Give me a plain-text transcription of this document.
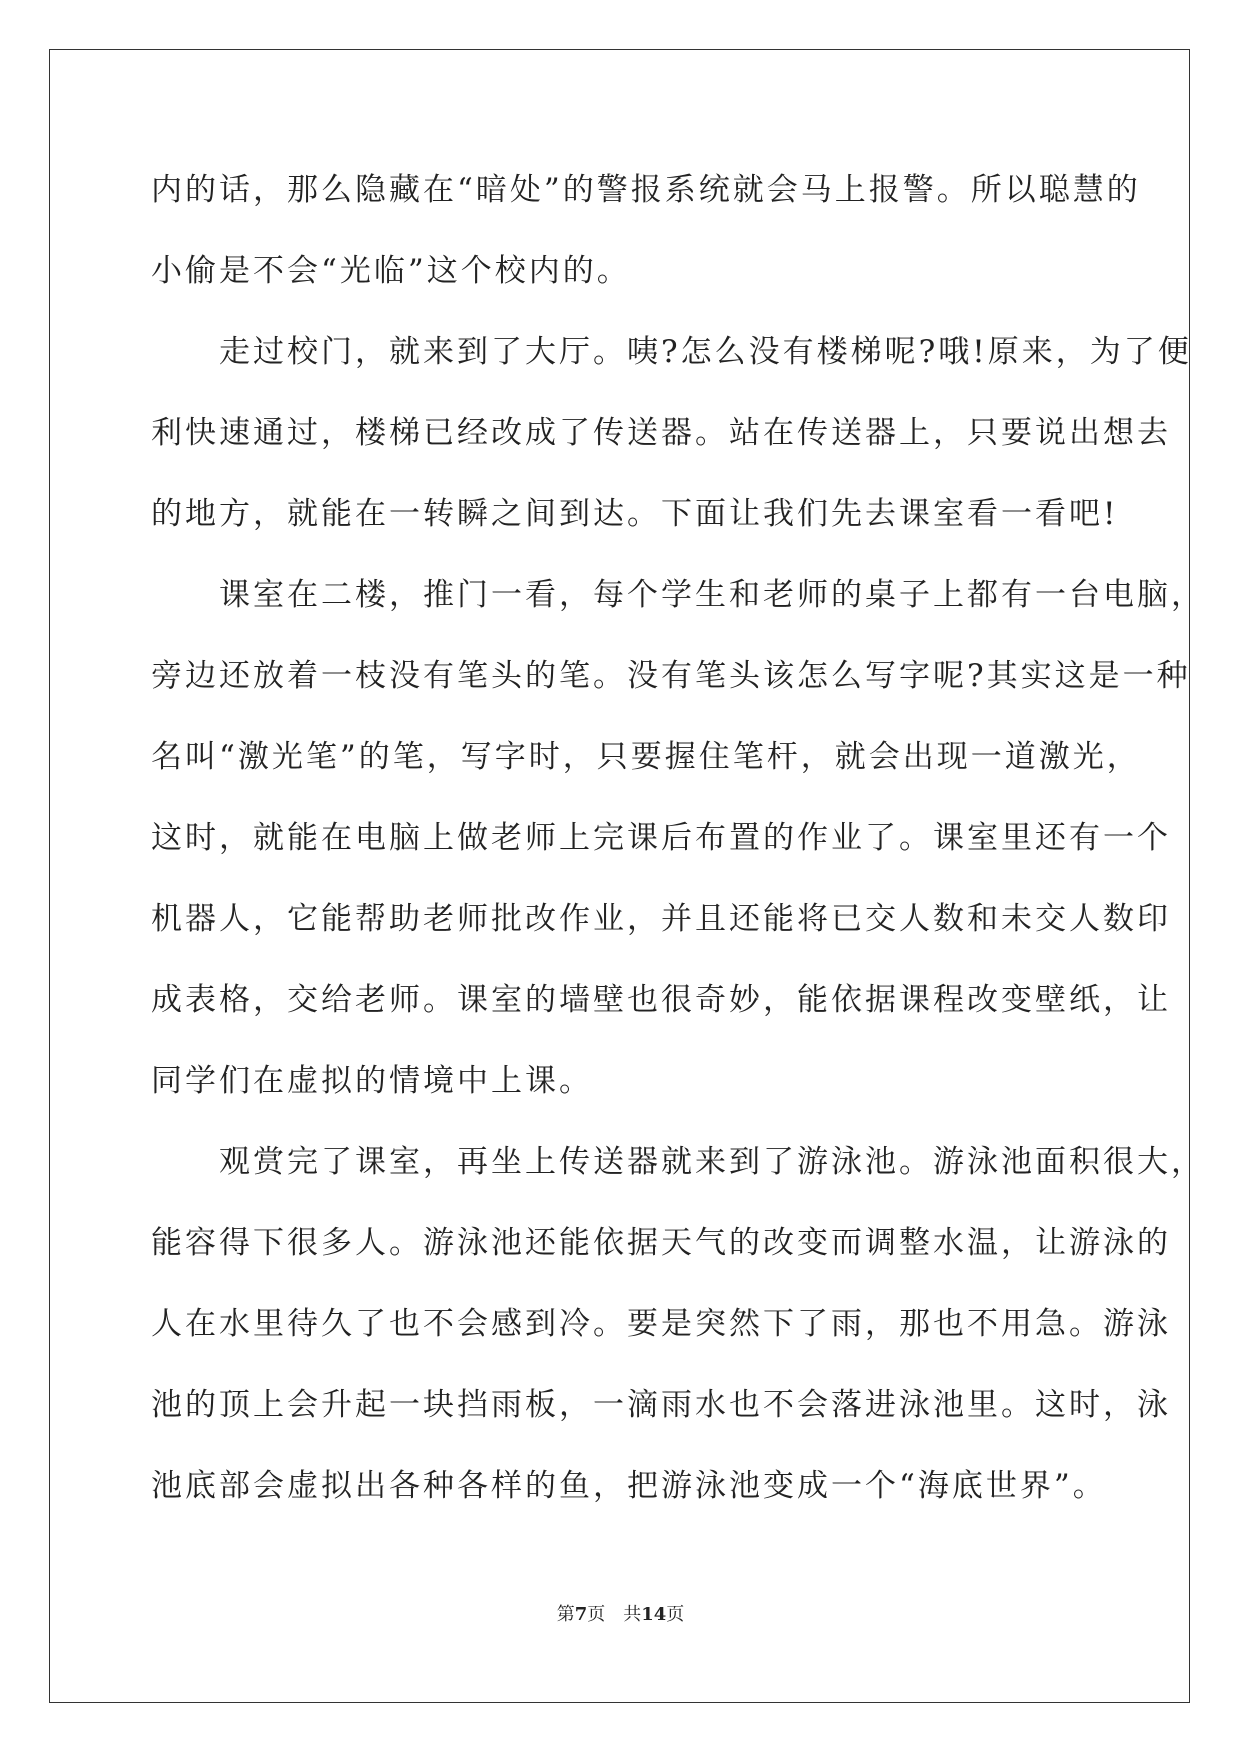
内的话，那么隐藏在“暗处”的警报系统就会马上报警。所以聪慧的
小偷是不会“光临”这个校内的。
　　走过校门，就来到了大厅。咦?怎么没有楼梯呢?哦!原来，为了便
利快速通过，楼梯已经改成了传送器。站在传送器上，只要说出想去
的地方，就能在一转瞬之间到达。下面让我们先去课室看一看吧!
　　课室在二楼，推门一看，每个学生和老师的桌子上都有一台电脑，
旁边还放着一枝没有笔头的笔。没有笔头该怎么写字呢?其实这是一种
名叫“激光笔”的笔，写字时，只要握住笔杆，就会出现一道激光，
这时，就能在电脑上做老师上完课后布置的作业了。课室里还有一个
机器人，它能帮助老师批改作业，并且还能将已交人数和未交人数印
成表格，交给老师。课室的墙壁也很奇妙，能依据课程改变壁纸，让
同学们在虚拟的情境中上课。
　　观赏完了课室，再坐上传送器就来到了游泳池。游泳池面积很大，
能容得下很多人。游泳池还能依据天气的改变而调整水温，让游泳的
人在水里待久了也不会感到冷。要是突然下了雨，那也不用急。游泳
池的顶上会升起一块挡雨板，一滴雨水也不会落进泳池里。这时，泳
池底部会虚拟出各种各样的鱼，把游泳池变成一个“海底世界”。
第7页 共14页
